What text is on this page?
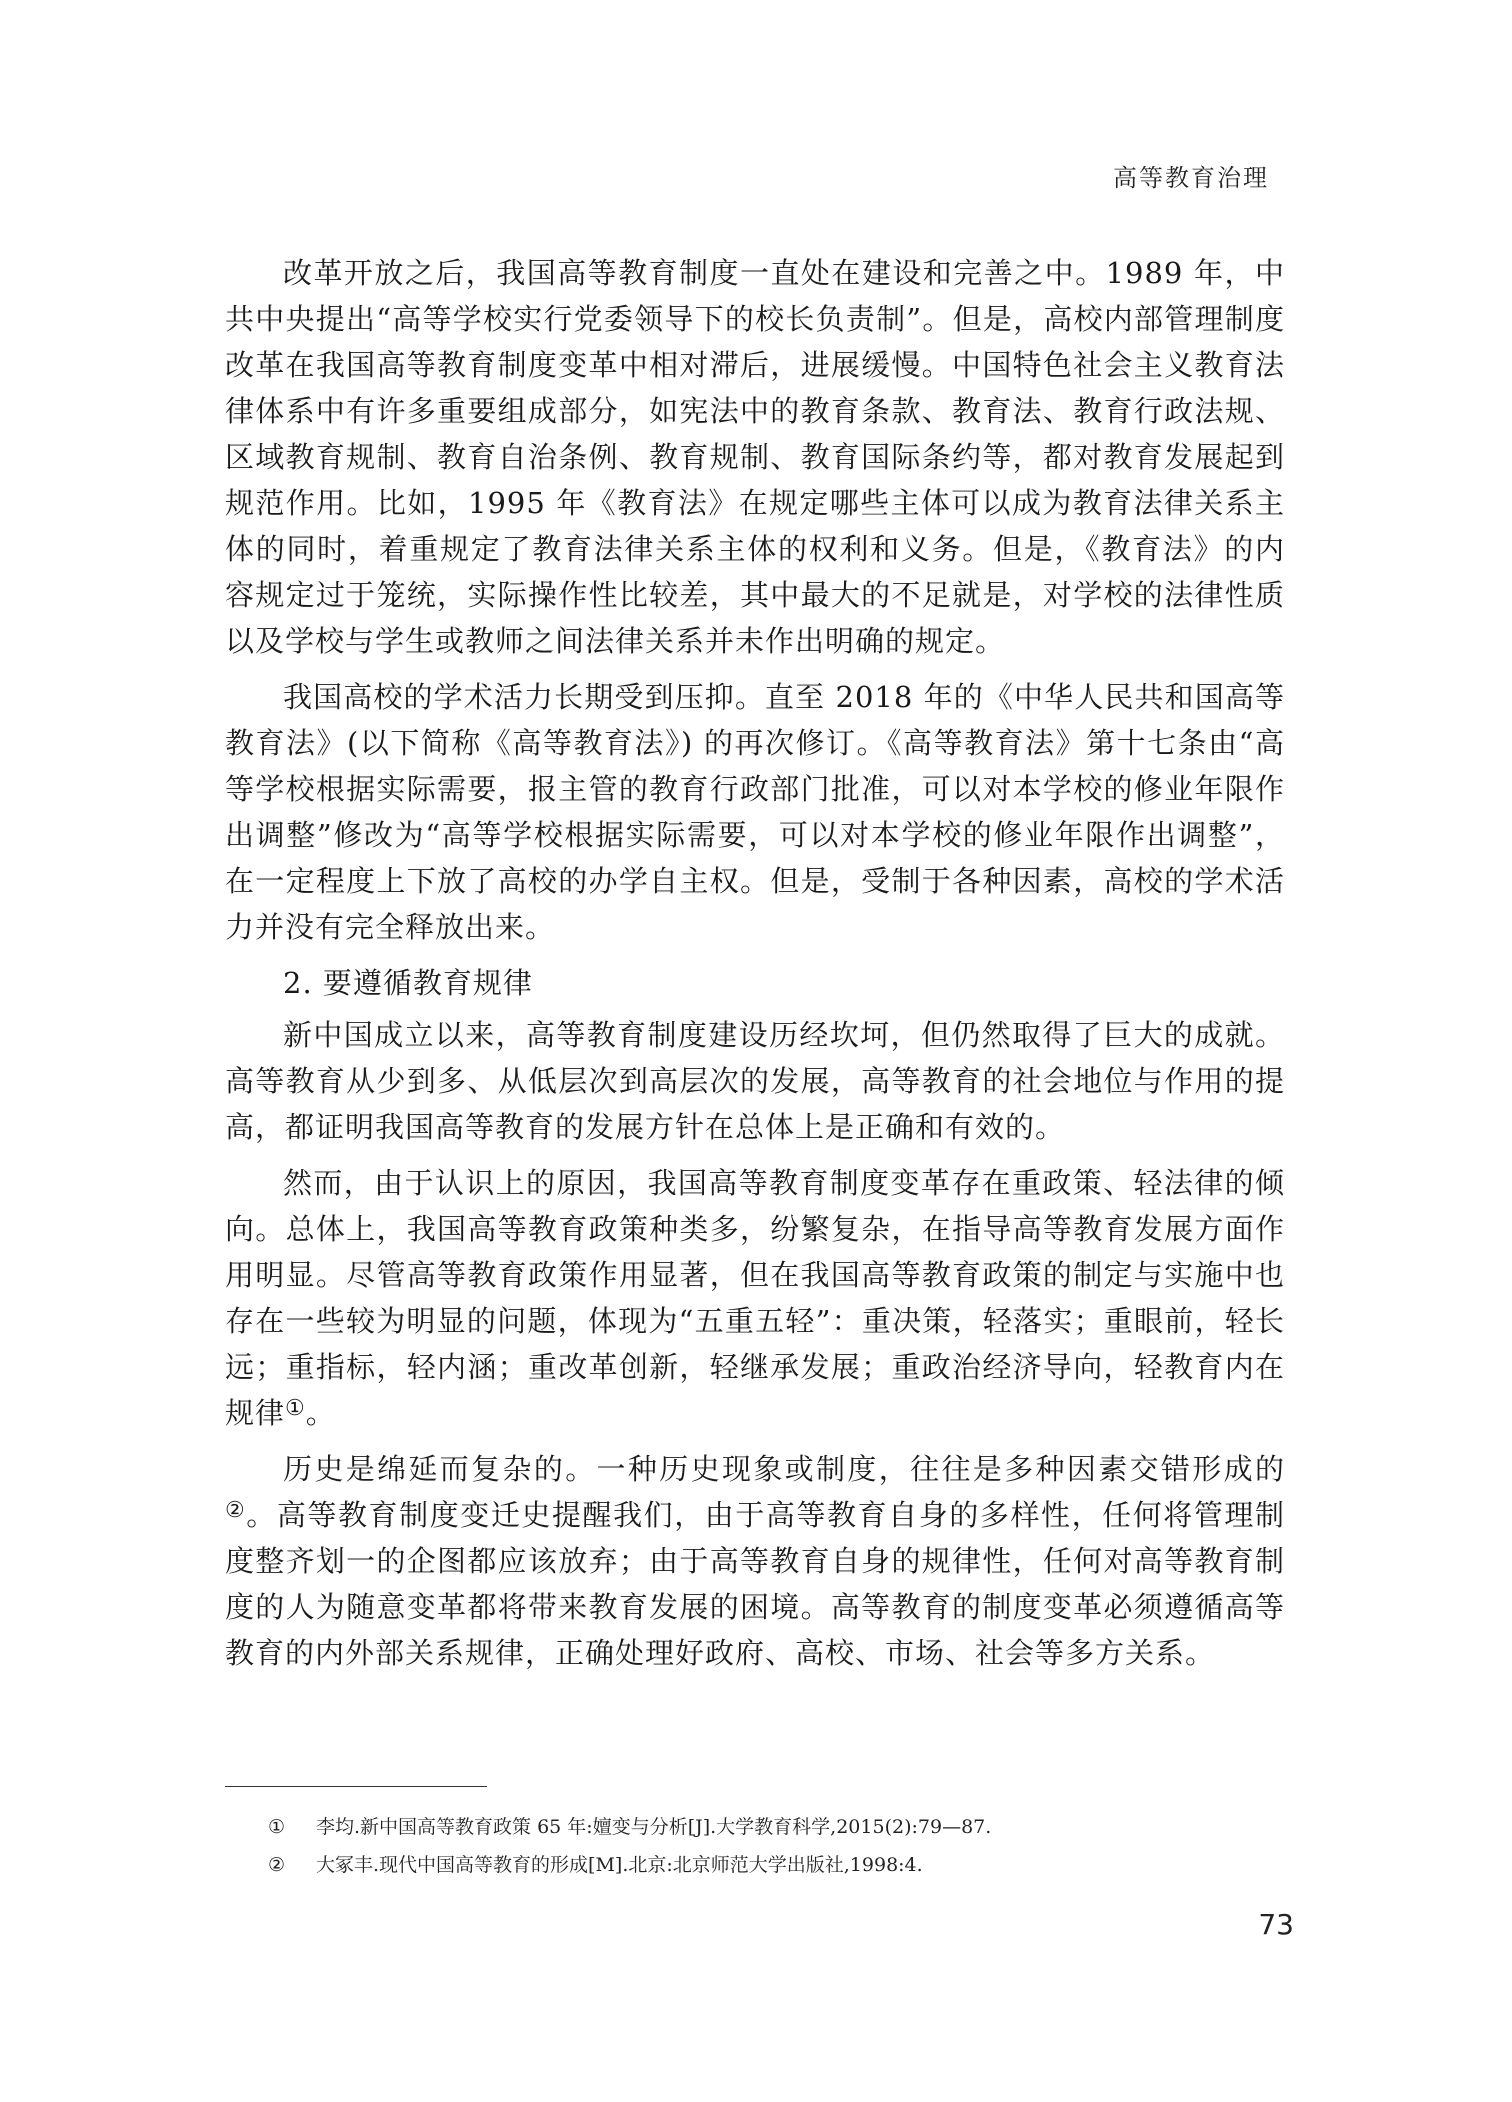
高等教育治理

改革开放之后，我国高等教育制度一直处在建设和完善之中。1989 年，中共中央提出“高等学校实行党委领导下的校长负责制”。但是，高校内部管理制度改革在我国高等教育制度变革中相对滞后，进展缓慢。中国特色社会主义教育法律体系中有许多重要组成部分，如宪法中的教育条款、教育法、教育行政法规、区域教育规制、教育自治条例、教育规制、教育国际条约等，都对教育发展起到规范作用。比如，1995 年《教育法》在规定哪些主体可以成为教育法律关系主体的同时，着重规定了教育法律关系主体的权利和义务。但是，《教育法》的内容规定过于笼统，实际操作性比较差，其中最大的不足就是，对学校的法律性质以及学校与学生或教师之间法律关系并未作出明确的规定。

我国高校的学术活力长期受到压抑。直至 2018 年的《中华人民共和国高等教育法》(以下简称《高等教育法》) 的再次修订。《高等教育法》第十七条由“高等学校根据实际需要，报主管的教育行政部门批准，可以对本学校的修业年限作出调整”修改为“高等学校根据实际需要，可以对本学校的修业年限作出调整”，在一定程度上下放了高校的办学自主权。但是，受制于各种因素，高校的学术活力并没有完全释放出来。

2. 要遵循教育规律

新中国成立以来，高等教育制度建设历经坎坷，但仍然取得了巨大的成就。高等教育从少到多、从低层次到高层次的发展，高等教育的社会地位与作用的提高，都证明我国高等教育的发展方针在总体上是正确和有效的。

然而，由于认识上的原因，我国高等教育制度变革存在重政策、轻法律的倾向。总体上，我国高等教育政策种类多，纷繁复杂，在指导高等教育发展方面作用明显。尽管高等教育政策作用显著，但在我国高等教育政策的制定与实施中也存在一些较为明显的问题，体现为“五重五轻”：重决策，轻落实；重眼前，轻长远；重指标，轻内涵；重改革创新，轻继承发展；重政治经济导向，轻教育内在规律①。

历史是绵延而复杂的。一种历史现象或制度，往往是多种因素交错形成的②。高等教育制度变迁史提醒我们，由于高等教育自身的多样性，任何将管理制度整齐划一的企图都应该放弃；由于高等教育自身的规律性，任何对高等教育制度的人为随意变革都将带来教育发展的困境。高等教育的制度变革必须遵循高等教育的内外部关系规律，正确处理好政府、高校、市场、社会等多方关系。

①	李均.新中国高等教育政策 65 年:嬗变与分析[J].大学教育科学,2015(2):79—87.
②	大冢丰.现代中国高等教育的形成[M].北京:北京师范大学出版社,1998:4.
73
